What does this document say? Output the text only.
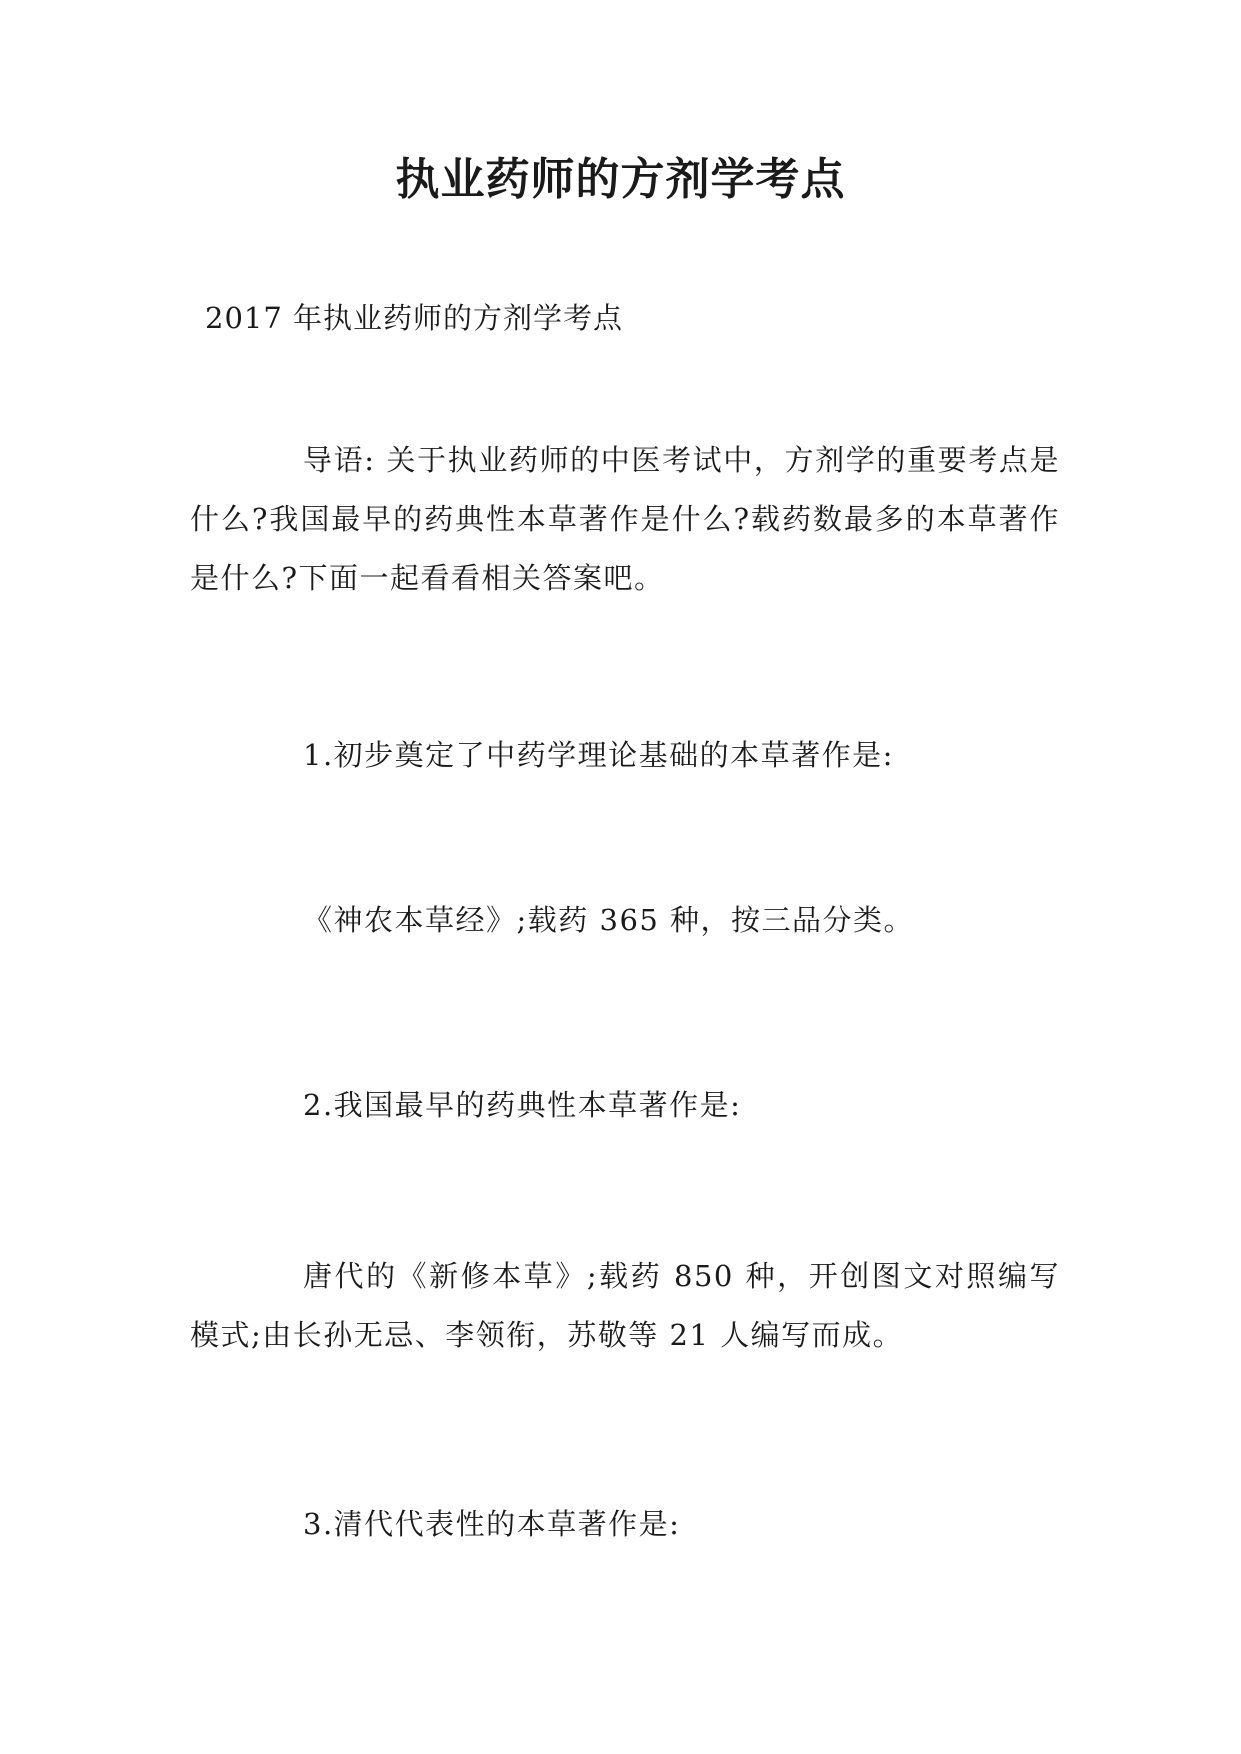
执业药师的方剂学考点
2017 年执业药师的方剂学考点

导语: 关于执业药师的中医考试中，方剂学的重要考点是什么?我国最早的药典性本草著作是什么?载药数最多的本草著作是什么?下面一起看看相关答案吧。

1.初步奠定了中药学理论基础的本草著作是:

《神农本草经》;载药 365 种，按三品分类。

2.我国最早的药典性本草著作是:

唐代的《新修本草》;载药 850 种，开创图文对照编写模式;由长孙无忌、李领衔，苏敬等 21 人编写而成。

3.清代代表性的本草著作是:
